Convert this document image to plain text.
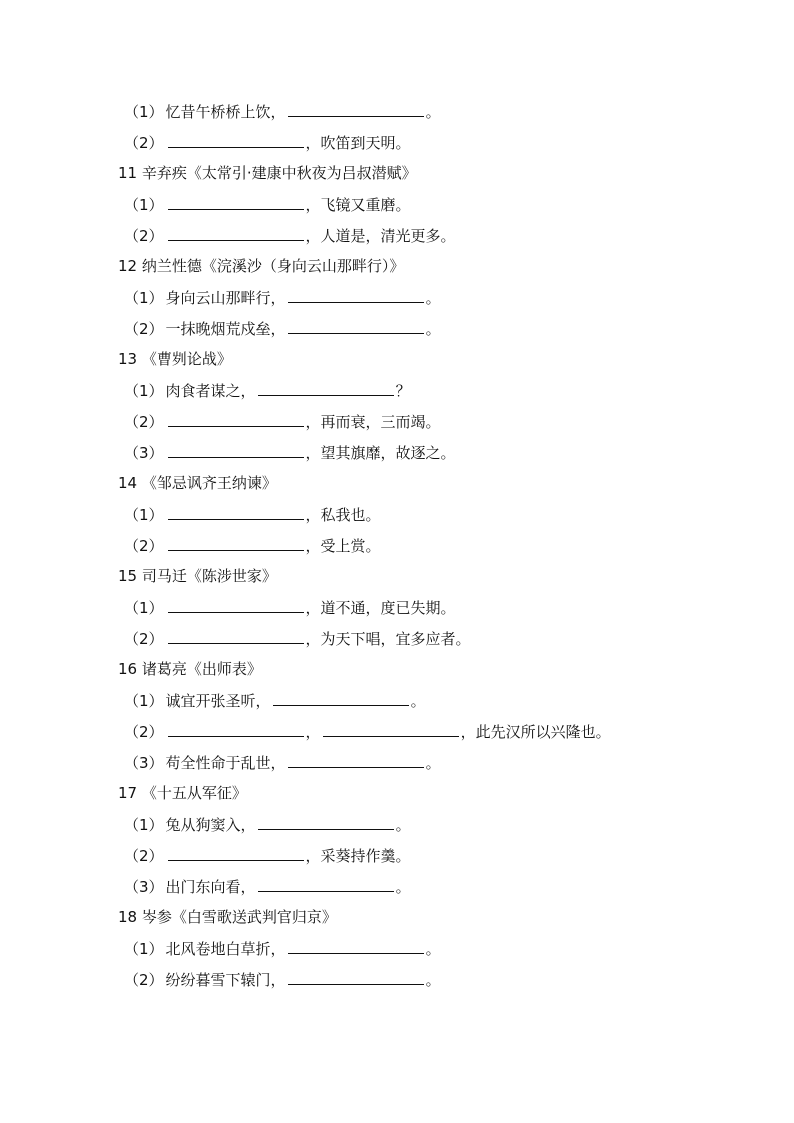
（1） 忆昔午桥桥上饮，	。
（2）	，吹笛到天明。
11 辛弃疾《太常引·建康中秋夜为吕叔潜赋》
（1）	，飞镜又重磨。
（2）	，人道是，清光更多。
12 纳兰性德《浣溪沙（身向云山那畔行）》
（1） 身向云山那畔行，	。
（2） 一抹晚烟荒戍垒，	。
13 《曹刿论战》
（1） 肉食者谋之，	？
（2）	，再而衰，三而竭。
（3）	，望其旗靡，故逐之。
14 《邹忌讽齐王纳谏》
（1）	，私我也。
（2）	，受上赏。
15 司马迁《陈涉世家》
（1）	，道不通，度已失期。
（2）	，为天下唱，宜多应者。
16 诸葛亮《出师表》
（1） 诚宜开张圣听，	。
（2）	，	，此先汉所以兴隆也。
（3） 苟全性命于乱世，	。
17 《十五从军征》
（1） 兔从狗窦入，	。
（2）	，采葵持作羹。
（3） 出门东向看，	。
18 岑参《白雪歌送武判官归京》
（1） 北风卷地白草折，	。
（2） 纷纷暮雪下辕门，	。
